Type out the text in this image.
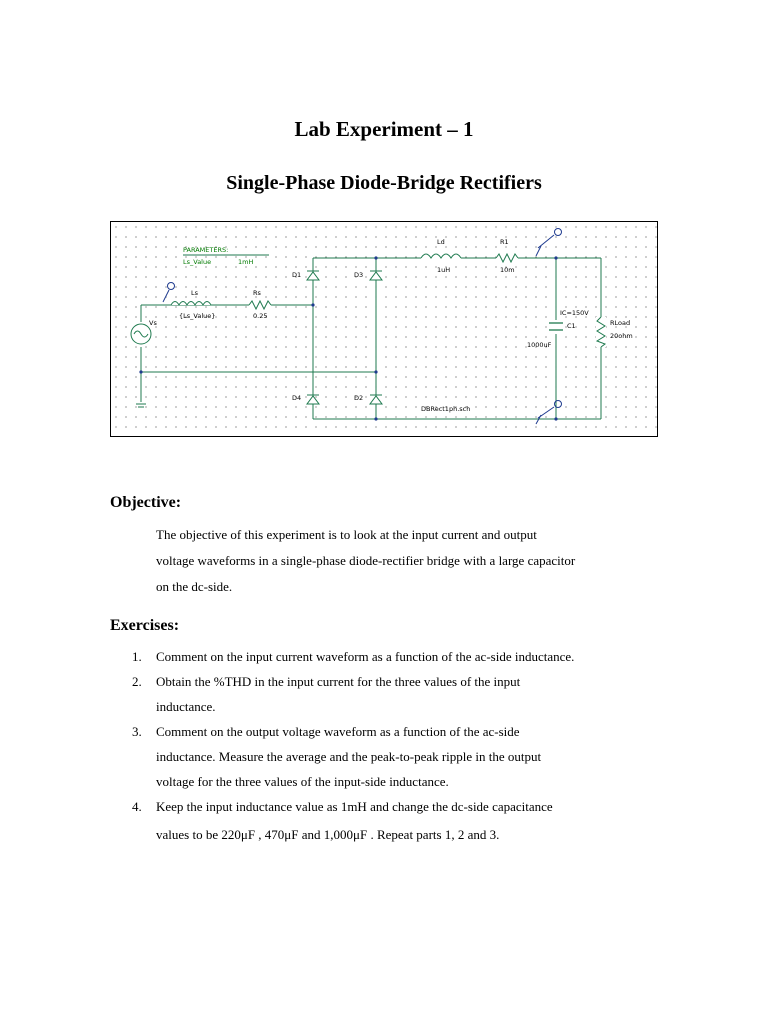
Lab Experiment – 1
Single-Phase Diode-Bridge Rectifiers
PARAMETERS:
Ls_Value	1mH
Ls
{Ls_Value}
Rs
0.25
Vs
D1	D3
D4	D2
Ld
1uH
R1
10m
IC=150V
C1
1000uF
RLoad
20ohm
DBRect1ph.sch
Objective:
The objective of this experiment is to look at the input current and output
voltage waveforms in a single-phase diode-rectifier bridge with a large capacitor
on the dc-side.
Exercises:
1. Comment on the input current waveform as a function of the ac-side inductance.
2. Obtain the %THD in the input current for the three values of the input
inductance.
3. Comment on the output voltage waveform as a function of the ac-side
inductance. Measure the average and the peak-to-peak ripple in the output
voltage for the three values of the input-side inductance.
4. Keep the input inductance value as 1mH and change the dc-side capacitance
values to be 220μF , 470μF and 1,000μF . Repeat parts 1, 2 and 3.
